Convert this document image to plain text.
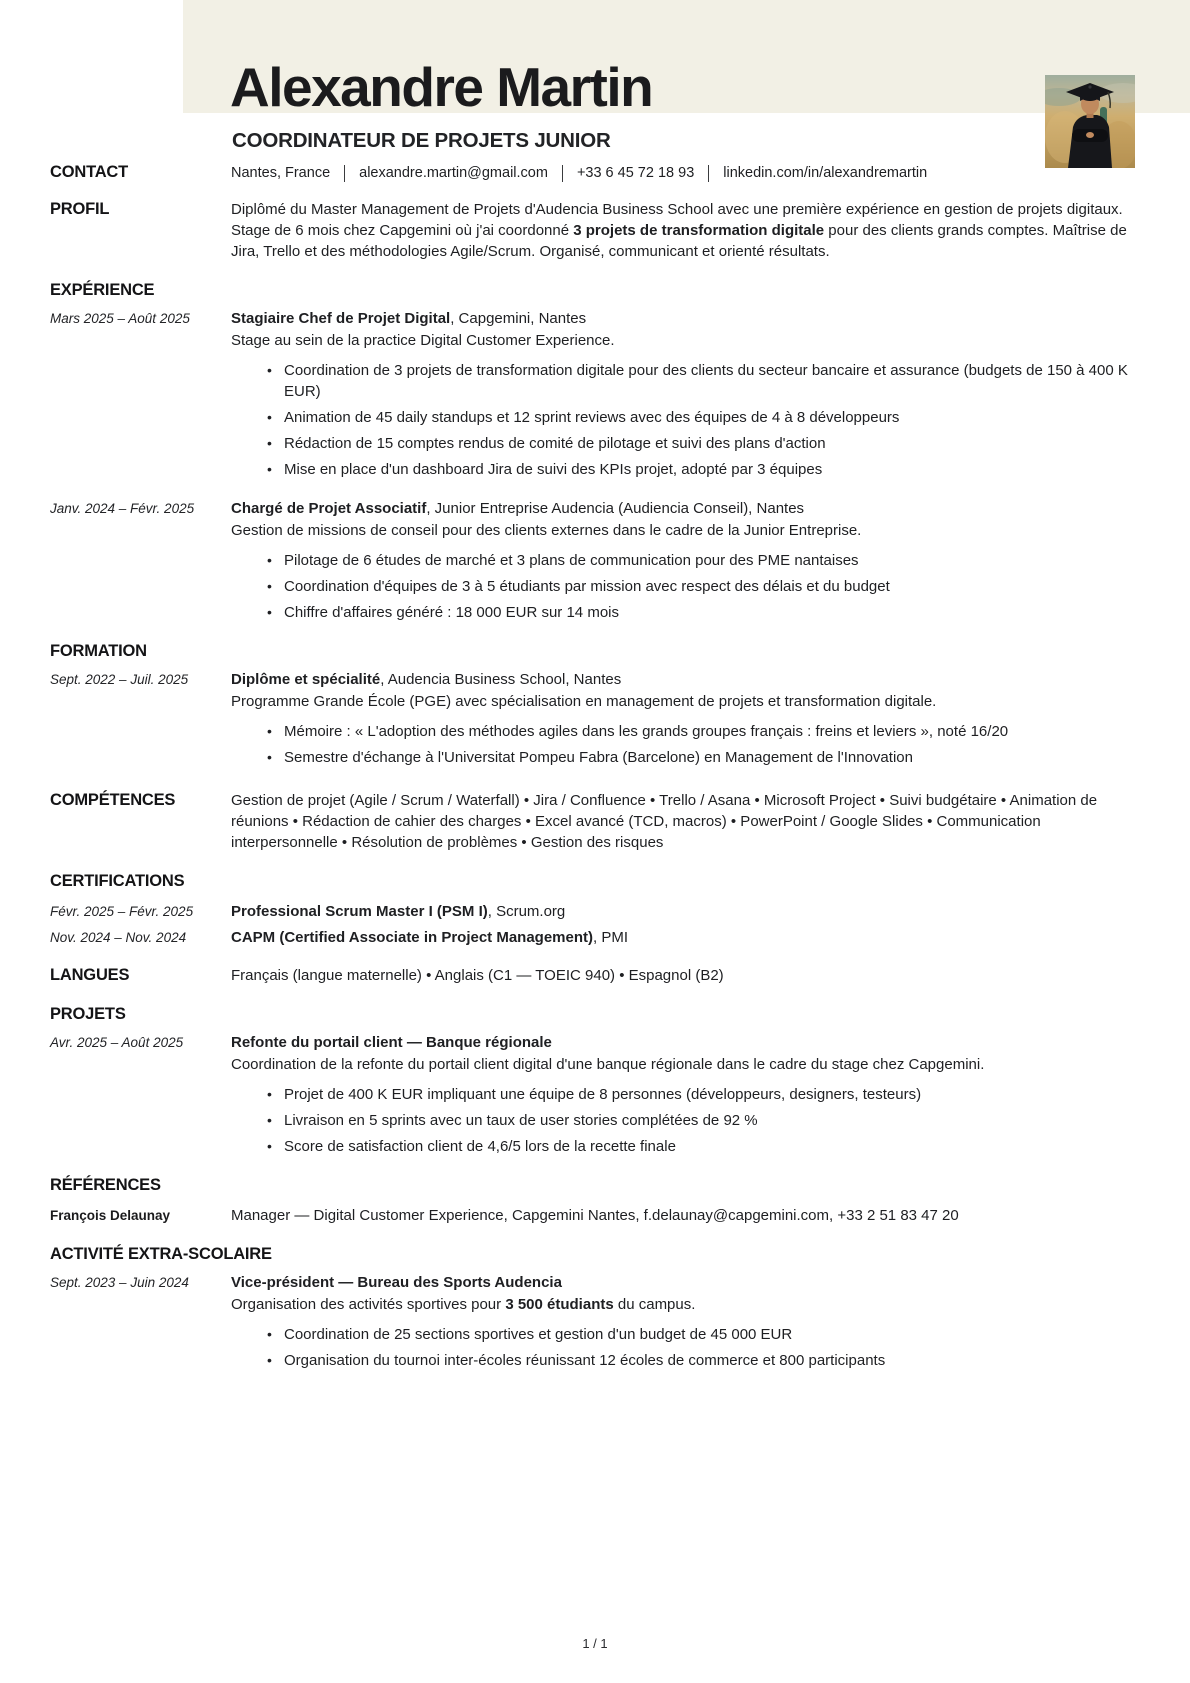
Alexandre Martin
COORDINATEUR DE PROJETS JUNIOR
CONTACT	Nantes, France alexandre.martin@gmail.com +33 6 45 72 18 93 linkedin.com/in/alexandremartin
PROFIL	Diplômé du Master Management de Projets d'Audencia Business School avec une première expérience en gestion de projets digitaux. Stage de 6 mois chez Capgemini où j'ai coordonné 3 projets de transformation digitale pour des clients grands comptes. Maîtrise de Jira, Trello et des méthodologies Agile/Scrum. Organisé, communicant et orienté résultats.
EXPÉRIENCE
Mars 2025 – Août 2025	Stagiaire Chef de Projet Digital, Capgemini, Nantes
Stage au sein de la practice Digital Customer Experience.
• Coordination de 3 projets de transformation digitale pour des clients du secteur bancaire et assurance (budgets de 150 à 400 K EUR)
• Animation de 45 daily standups et 12 sprint reviews avec des équipes de 4 à 8 développeurs
• Rédaction de 15 comptes rendus de comité de pilotage et suivi des plans d'action
• Mise en place d'un dashboard Jira de suivi des KPIs projet, adopté par 3 équipes
Janv. 2024 – Févr. 2025	Chargé de Projet Associatif, Junior Entreprise Audencia (Audiencia Conseil), Nantes
Gestion de missions de conseil pour des clients externes dans le cadre de la Junior Entreprise.
• Pilotage de 6 études de marché et 3 plans de communication pour des PME nantaises
• Coordination d'équipes de 3 à 5 étudiants par mission avec respect des délais et du budget
• Chiffre d'affaires généré : 18 000 EUR sur 14 mois
FORMATION
Sept. 2022 – Juil. 2025	Diplôme et spécialité, Audencia Business School, Nantes
Programme Grande École (PGE) avec spécialisation en management de projets et transformation digitale.
• Mémoire : « L'adoption des méthodes agiles dans les grands groupes français : freins et leviers », noté 16/20
• Semestre d'échange à l'Universitat Pompeu Fabra (Barcelone) en Management de l'Innovation
COMPÉTENCES	Gestion de projet (Agile / Scrum / Waterfall) • Jira / Confluence • Trello / Asana • Microsoft Project • Suivi budgétaire • Animation de réunions • Rédaction de cahier des charges • Excel avancé (TCD, macros) • PowerPoint / Google Slides • Communication interpersonnelle • Résolution de problèmes • Gestion des risques
CERTIFICATIONS
Févr. 2025 – Févr. 2025	Professional Scrum Master I (PSM I), Scrum.org
Nov. 2024 – Nov. 2024	CAPM (Certified Associate in Project Management), PMI
LANGUES	Français (langue maternelle) • Anglais (C1 — TOEIC 940) • Espagnol (B2)
PROJETS
Avr. 2025 – Août 2025	Refonte du portail client — Banque régionale
Coordination de la refonte du portail client digital d'une banque régionale dans le cadre du stage chez Capgemini.
• Projet de 400 K EUR impliquant une équipe de 8 personnes (développeurs, designers, testeurs)
• Livraison en 5 sprints avec un taux de user stories complétées de 92 %
• Score de satisfaction client de 4,6/5 lors de la recette finale
RÉFÉRENCES
François Delaunay	Manager — Digital Customer Experience, Capgemini Nantes, f.delaunay@capgemini.com, +33 2 51 83 47 20
ACTIVITÉ EXTRA-SCOLAIRE
Sept. 2023 – Juin 2024	Vice-président — Bureau des Sports Audencia
Organisation des activités sportives pour 3 500 étudiants du campus.
• Coordination de 25 sections sportives et gestion d'un budget de 45 000 EUR
• Organisation du tournoi inter-écoles réunissant 12 écoles de commerce et 800 participants
1 / 1
